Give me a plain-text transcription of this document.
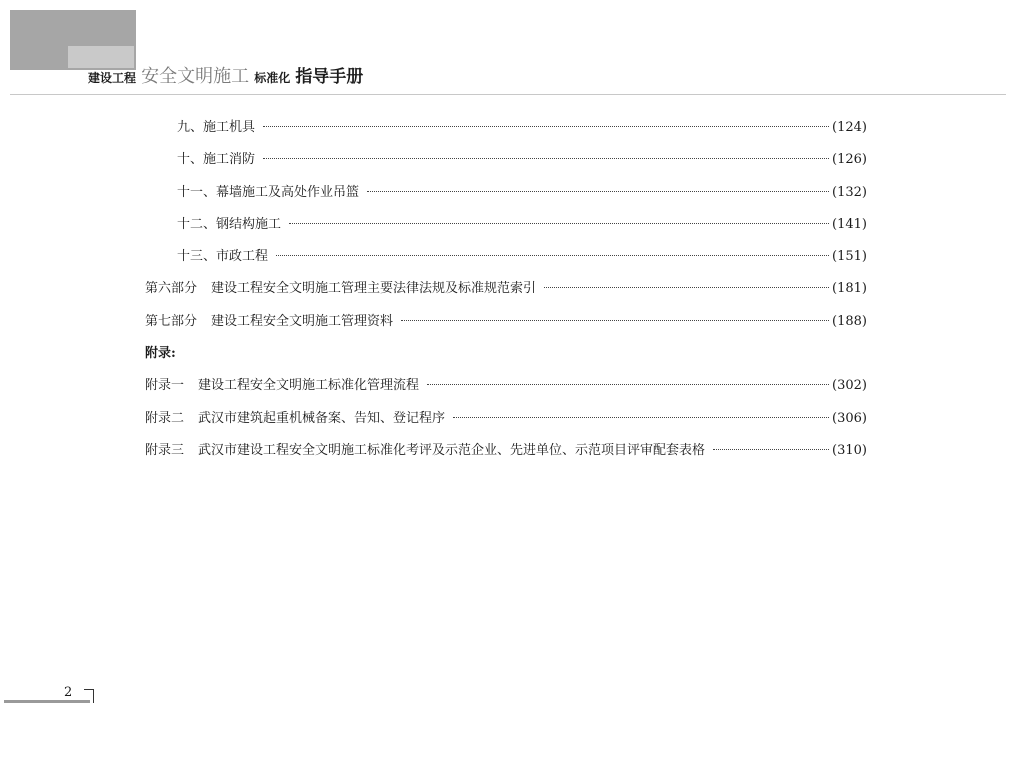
建设工程 安全文明施工 标准化 指导手册
九、施工机具	(124)
十、施工消防	(126)
十一、幕墙施工及高处作业吊篮	(132)
十二、钢结构施工	(141)
十三、市政工程	(151)
第六部分 建设工程安全文明施工管理主要法律法规及标准规范索引	(181)
第七部分 建设工程安全文明施工管理资料	(188)
附录:
附录一 建设工程安全文明施工标准化管理流程	(302)
附录二 武汉市建筑起重机械备案、告知、登记程序	(306)
附录三 武汉市建设工程安全文明施工标准化考评及示范企业、先进单位、示范项目评审配套表格	(310)
2
